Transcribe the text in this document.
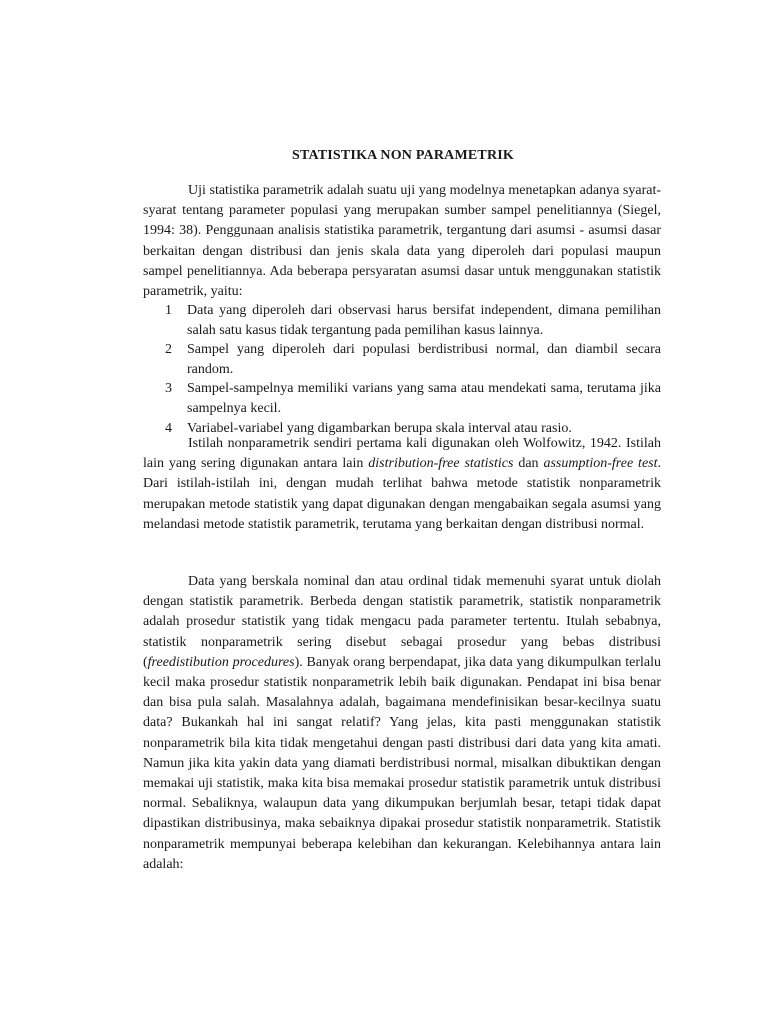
STATISTIKA NON PARAMETRIK

Uji statistika parametrik adalah suatu uji yang modelnya menetapkan adanya syarat-syarat tentang parameter populasi yang merupakan sumber sampel penelitiannya (Siegel, 1994: 38). Penggunaan analisis statistika parametrik, tergantung dari asumsi - asumsi dasar berkaitan dengan distribusi dan jenis skala data yang diperoleh dari populasi maupun sampel penelitiannya. Ada beberapa persyaratan asumsi dasar untuk menggunakan statistik parametrik, yaitu:

1 Data yang diperoleh dari observasi harus bersifat independent, dimana pemilihan salah satu kasus tidak tergantung pada pemilihan kasus lainnya.
2 Sampel yang diperoleh dari populasi berdistribusi normal, dan diambil secara random.
3 Sampel-sampelnya memiliki varians yang sama atau mendekati sama, terutama jika sampelnya kecil.
4 Variabel-variabel yang digambarkan berupa skala interval atau rasio.

Istilah nonparametrik sendiri pertama kali digunakan oleh Wolfowitz, 1942. Istilah lain yang sering digunakan antara lain distribution-free statistics dan assumption-free test. Dari istilah-istilah ini, dengan mudah terlihat bahwa metode statistik nonparametrik merupakan metode statistik yang dapat digunakan dengan mengabaikan segala asumsi yang melandasi metode statistik parametrik, terutama yang berkaitan dengan distribusi normal.

Data yang berskala nominal dan atau ordinal tidak memenuhi syarat untuk diolah dengan statistik parametrik. Berbeda dengan statistik parametrik, statistik nonparametrik adalah prosedur statistik yang tidak mengacu pada parameter tertentu. Itulah sebabnya, statistik nonparametrik sering disebut sebagai prosedur yang bebas distribusi (freedistibution procedures). Banyak orang berpendapat, jika data yang dikumpulkan terlalu kecil maka prosedur statistik nonparametrik lebih baik digunakan. Pendapat ini bisa benar dan bisa pula salah. Masalahnya adalah, bagaimana mendefinisikan besar-kecilnya suatu data? Bukankah hal ini sangat relatif? Yang jelas, kita pasti menggunakan statistik nonparametrik bila kita tidak mengetahui dengan pasti distribusi dari data yang kita amati. Namun jika kita yakin data yang diamati berdistribusi normal, misalkan dibuktikan dengan memakai uji statistik, maka kita bisa memakai prosedur statistik parametrik untuk distribusi normal. Sebaliknya, walaupun data yang dikumpukan berjumlah besar, tetapi tidak dapat dipastikan distribusinya, maka sebaiknya dipakai prosedur statistik nonparametrik. Statistik nonparametrik mempunyai beberapa kelebihan dan kekurangan. Kelebihannya antara lain adalah:
